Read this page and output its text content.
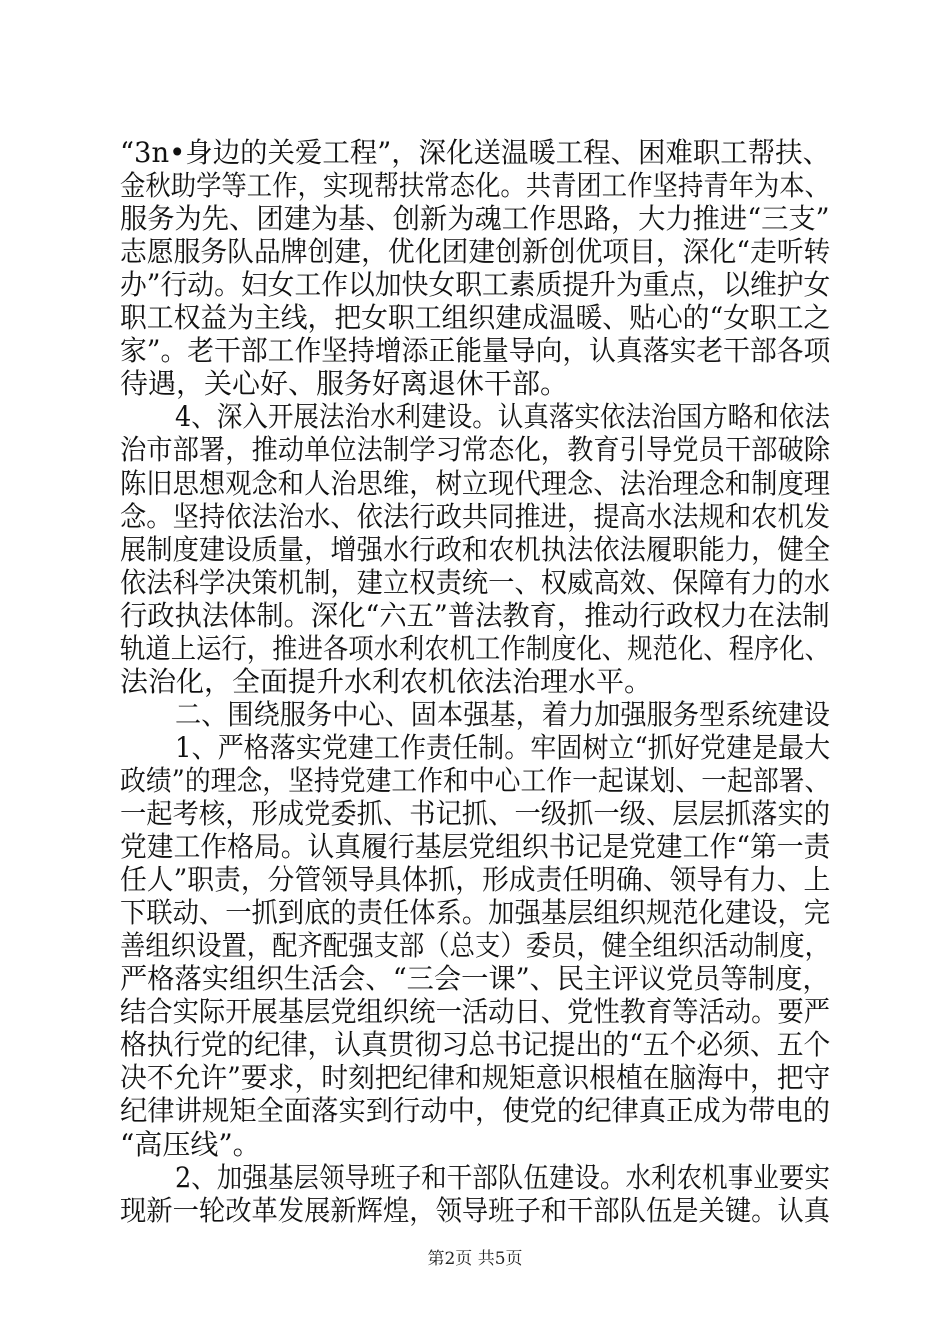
“3n•身边的关爱工程”，深化送温暖工程、困难职工帮扶、
金秋助学等工作，实现帮扶常态化。共青团工作坚持青年为本、
服务为先、团建为基、创新为魂工作思路，大力推进“三支”
志愿服务队品牌创建，优化团建创新创优项目，深化“走听转
办”行动。妇女工作以加快女职工素质提升为重点，以维护女
职工权益为主线，把女职工组织建成温暖、贴心的“女职工之
家”。老干部工作坚持增添正能量导向，认真落实老干部各项
待遇，关心好、服务好离退休干部。
4、深入开展法治水利建设。认真落实依法治国方略和依法
治市部署，推动单位法制学习常态化，教育引导党员干部破除
陈旧思想观念和人治思维，树立现代理念、法治理念和制度理
念。坚持依法治水、依法行政共同推进，提高水法规和农机发
展制度建设质量，增强水行政和农机执法依法履职能力，健全
依法科学决策机制，建立权责统一、权威高效、保障有力的水
行政执法体制。深化“六五”普法教育，推动行政权力在法制
轨道上运行，推进各项水利农机工作制度化、规范化、程序化、
法治化，全面提升水利农机依法治理水平。
二、围绕服务中心、固本强基，着力加强服务型系统建设
1、严格落实党建工作责任制。牢固树立“抓好党建是最大
政绩”的理念，坚持党建工作和中心工作一起谋划、一起部署、
一起考核，形成党委抓、书记抓、一级抓一级、层层抓落实的
党建工作格局。认真履行基层党组织书记是党建工作“第一责
任人”职责，分管领导具体抓，形成责任明确、领导有力、上
下联动、一抓到底的责任体系。加强基层组织规范化建设，完
善组织设置，配齐配强支部（总支）委员，健全组织活动制度，
严格落实组织生活会、“三会一课”、民主评议党员等制度，
结合实际开展基层党组织统一活动日、党性教育等活动。要严
格执行党的纪律，认真贯彻习总书记提出的“五个必须、五个
决不允许”要求，时刻把纪律和规矩意识根植在脑海中，把守
纪律讲规矩全面落实到行动中，使党的纪律真正成为带电的
“高压线”。
2、加强基层领导班子和干部队伍建设。水利农机事业要实
现新一轮改革发展新辉煌，领导班子和干部队伍是关键。认真
第2页 共5页
